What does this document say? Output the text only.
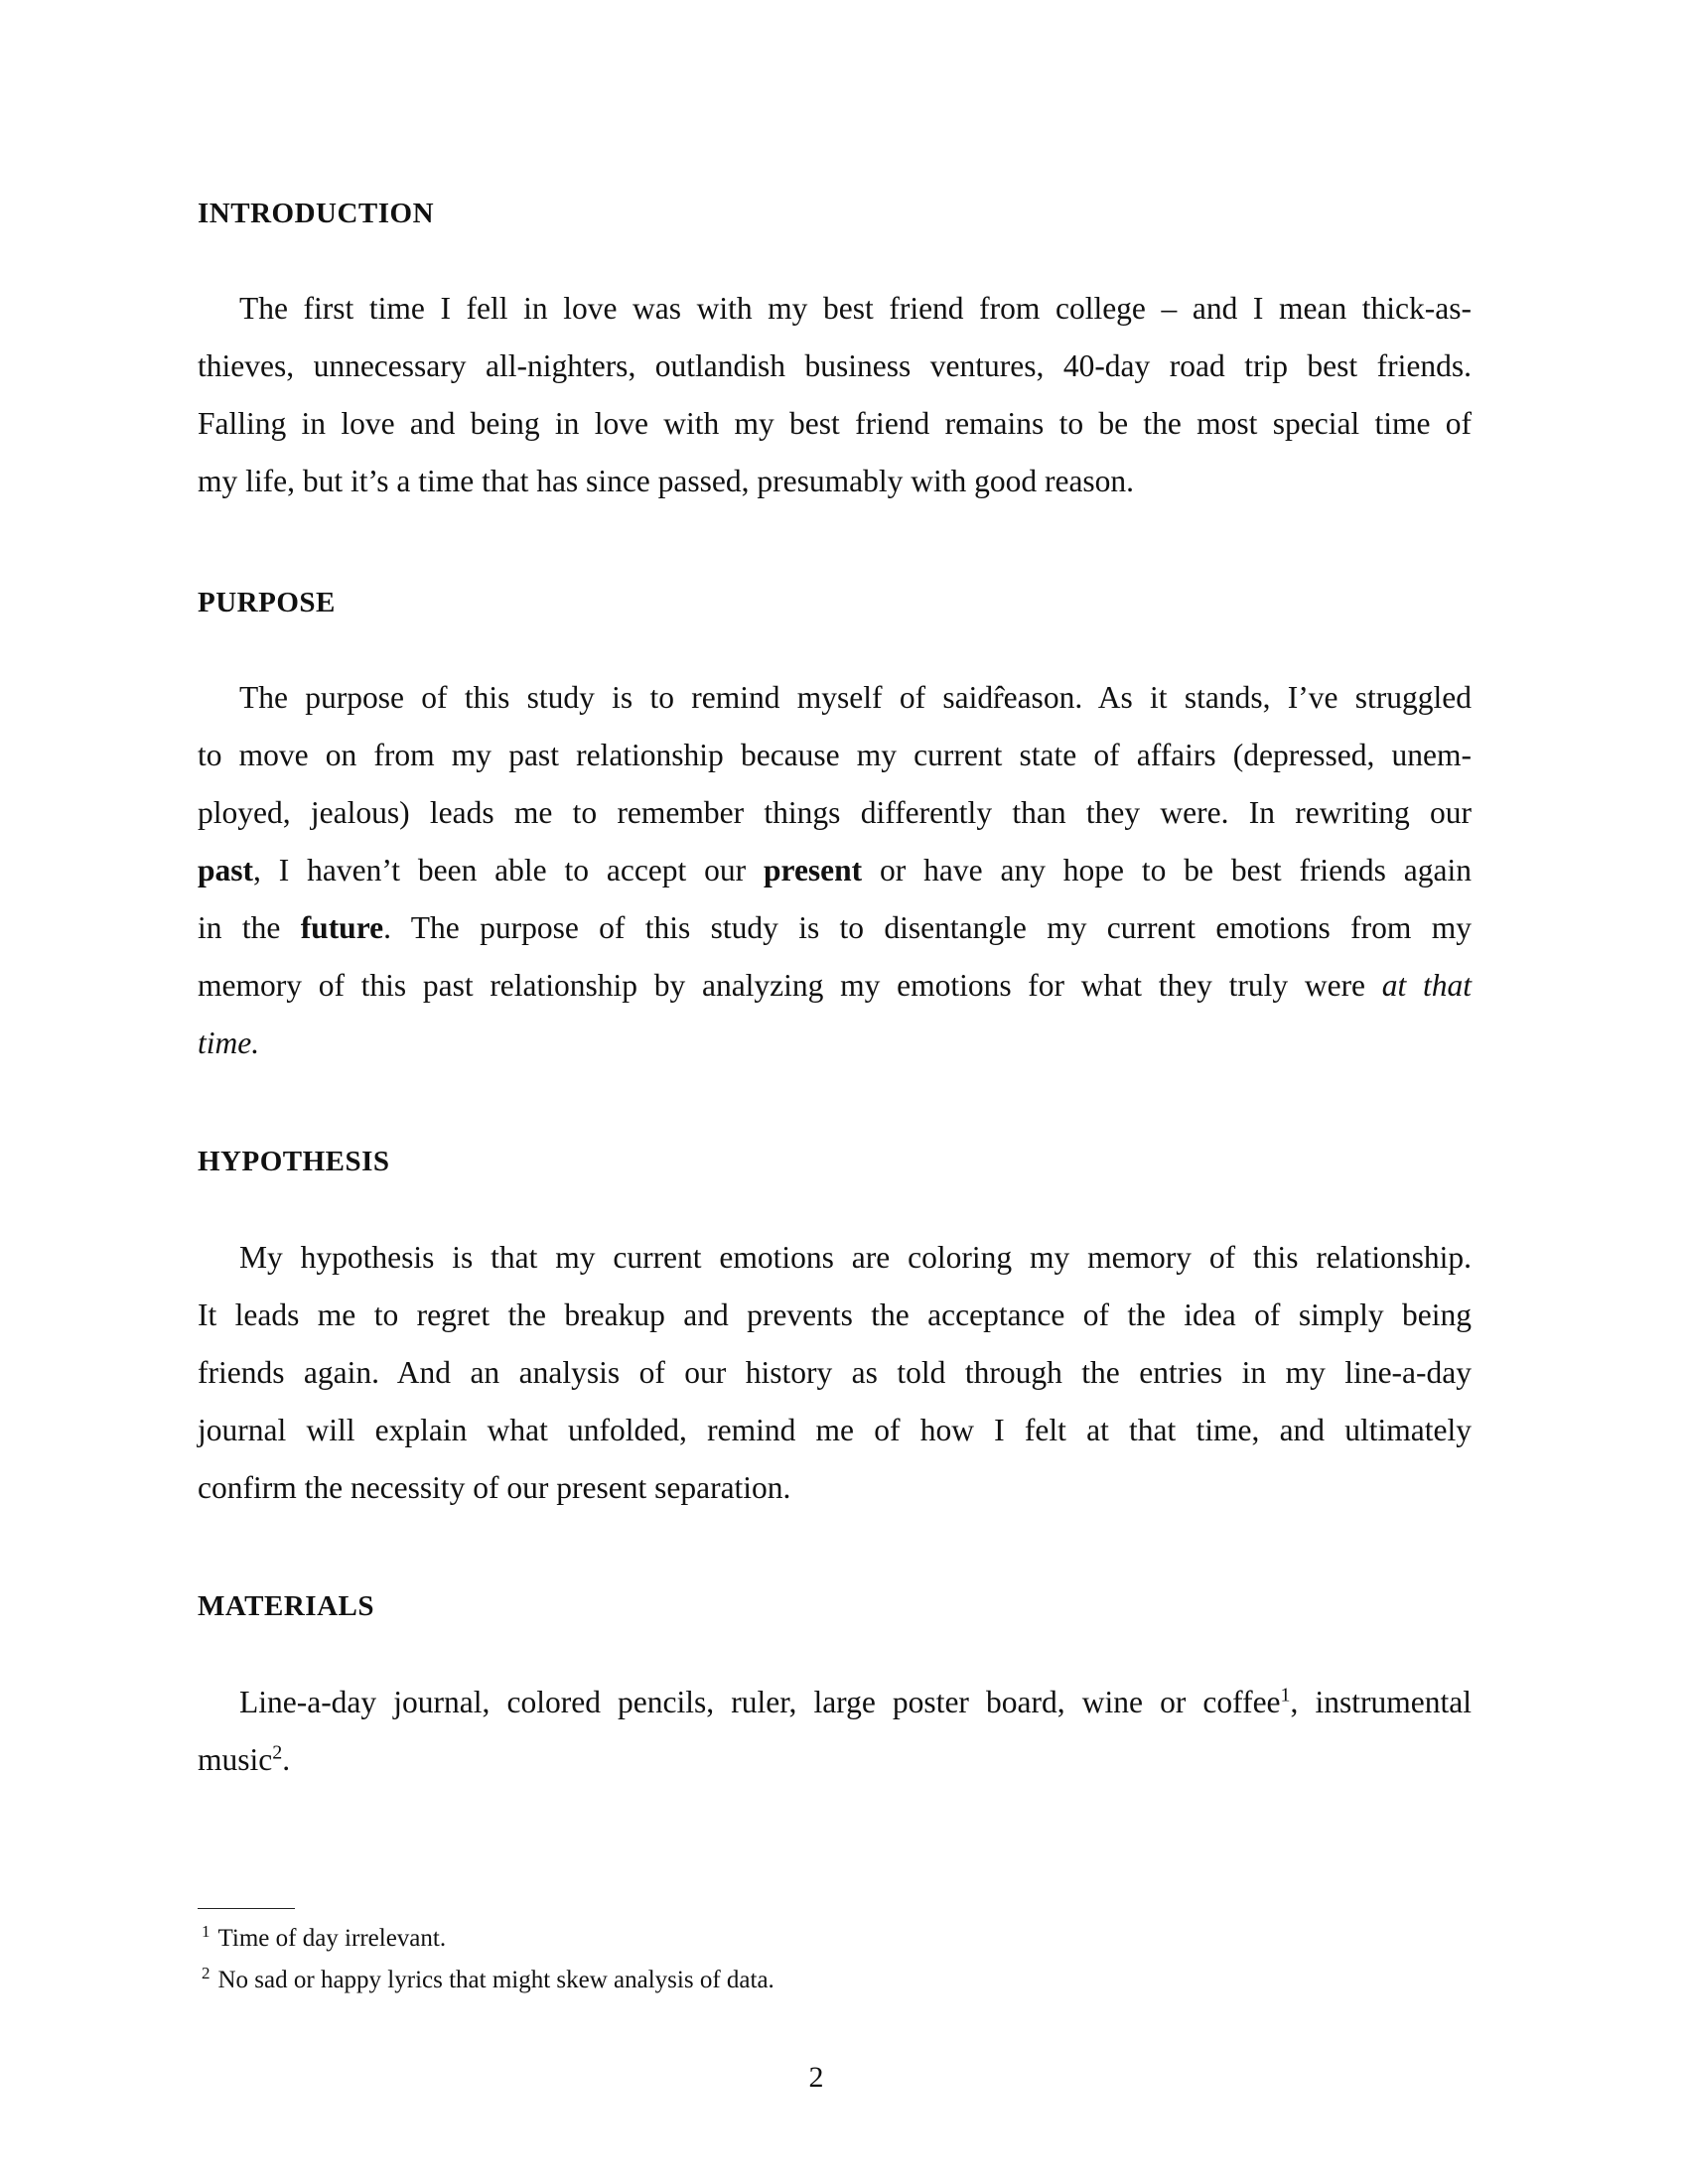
INTRODUCTION
The first time I fell in love was with my best friend from college – and I mean thick-as-
thieves, unnecessary all-nighters, outlandish business ventures, 40-day road trip best friends.
Falling in love and being in love with my best friend remains to be the most special time of
my life, but it’s a time that has since passed, presumably with good reason.
PURPOSE
The purpose of this study is to remind myself of saidr̂eason. As it stands, I’ve struggled
to move on from my past relationship because my current state of affairs (depressed, unem-
ployed, jealous) leads me to remember things differently than they were. In rewriting our
past, I haven’t been able to accept our present or have any hope to be best friends again
in the future. The purpose of this study is to disentangle my current emotions from my
memory of this past relationship by analyzing my emotions for what they truly were at that
time.
HYPOTHESIS
My hypothesis is that my current emotions are coloring my memory of this relationship.
It leads me to regret the breakup and prevents the acceptance of the idea of simply being
friends again. And an analysis of our history as told through the entries in my line-a-day
journal will explain what unfolded, remind me of how I felt at that time, and ultimately
confirm the necessity of our present separation.
MATERIALS
Line-a-day journal, colored pencils, ruler, large poster board, wine or coffee$^1$, instrumental
music$^2$.
$^1$ Time of day irrelevant.
$^2$ No sad or happy lyrics that might skew analysis of data.
2
